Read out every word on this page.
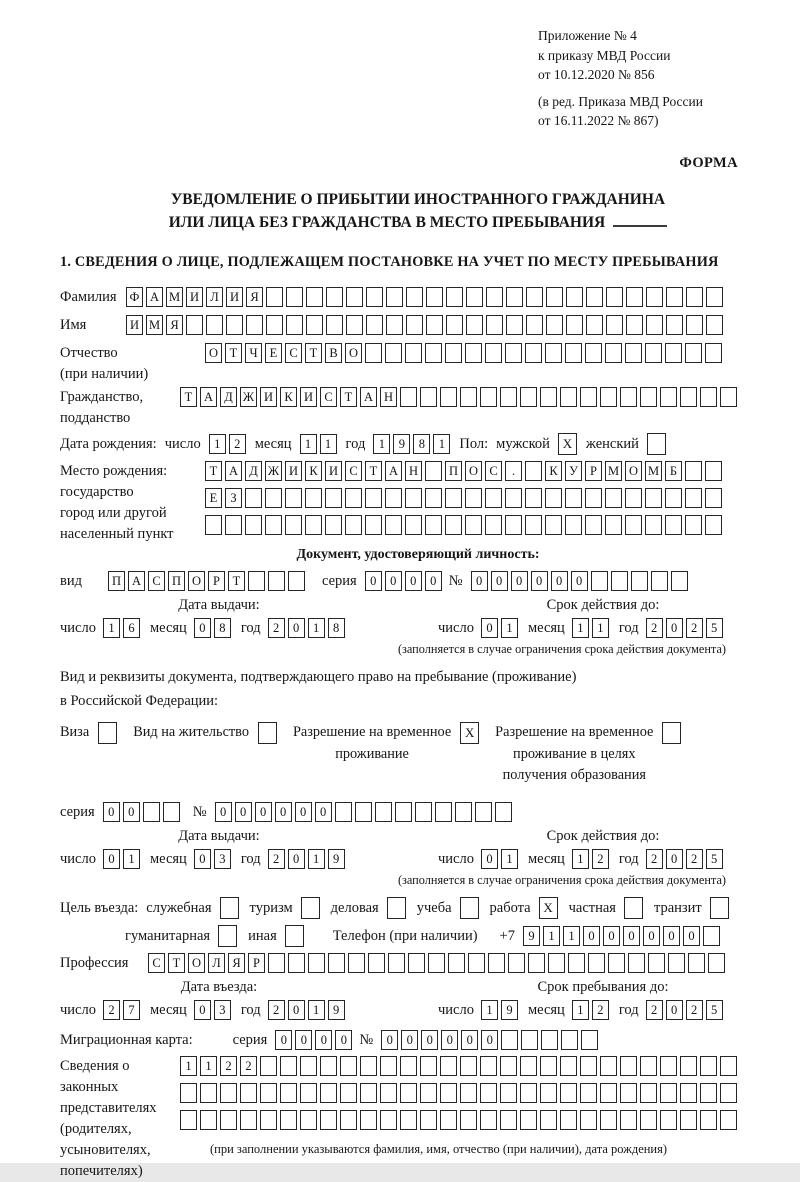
Приложение № 4
к приказу МВД России
от 10.12.2020 № 856
(в ред. Приказа МВД России
от 16.11.2022 № 867)
ФОРМА
УВЕДОМЛЕНИЕ О ПРИБЫТИИ ИНОСТРАННОГО ГРАЖДАНИНА
ИЛИ ЛИЦА БЕЗ ГРАЖДАНСТВА В МЕСТО ПРЕБЫВАНИЯ
1. СВЕДЕНИЯ О ЛИЦЕ, ПОДЛЕЖАЩЕМ ПОСТАНОВКЕ НА УЧЕТ ПО МЕСТУ ПРЕБЫВАНИЯ
Фамилия	Ф А М И Л И Я
Имя	И М Я
Отчество
(при наличии)
О Т Ч Е С Т В О
Гражданство,
подданство
Т А Д Ж И К И С Т А Н
Дата рождения: число	1 2 месяц	1 1 год	1 9 8 1 Пол: мужской X женский
Место рождения:
государство
город или другой
населенный пункт
Т А Д Ж И К И С Т А Н П О С .	К У Р М О М Б
Е З
Документ, удостоверяющий личность:
вид	П А С П О Р Т	серия	0 0 0 0 №	0 0 0 0 0 0
Дата выдачи:
число 1 6	месяц 0 8	год 2 0 1 8
Срок действия до:
число 0 1	месяц 1 1	год 2 0 2 5
(заполняется в случае ограничения срока действия документа)
Вид и реквизиты документа, подтверждающего право на пребывание (проживание)
в Российской Федерации:
Виза	Вид на жительство	Разрешение на временное
проживание
X	Разрешение на временное
проживание в целях
получения образования
серия	0 0	№	0 0 0 0 0 0
Дата выдачи:
число 0 1	месяц 0 3	год 2 0 1 9
Срок действия до:
число 0 1	месяц 1 2	год 2 0 2 5
(заполняется в случае ограничения срока действия документа)
Цель въезда: служебная	туризм	деловая	учеба	работа X	частная	транзит
гуманитарная	иная	Телефон (при наличии) +7	9 1 1 0 0 0 0 0 0
Профессия	С Т О Л Я Р
Дата въезда:
число 2 7	месяц 0 3	год 2 0 1 9
Срок пребывания до:
число 1 9	месяц 1 2	год 2 0 2 5
Миграционная карта:	серия	0 0 0 0 №	0 0 0 0 0 0
Сведения о
законных
представителях
(родителях,
усыновителях,
попечителях)
1 1 2 2
(при заполнении указываются фамилия, имя, отчество (при наличии), дата рождения)
